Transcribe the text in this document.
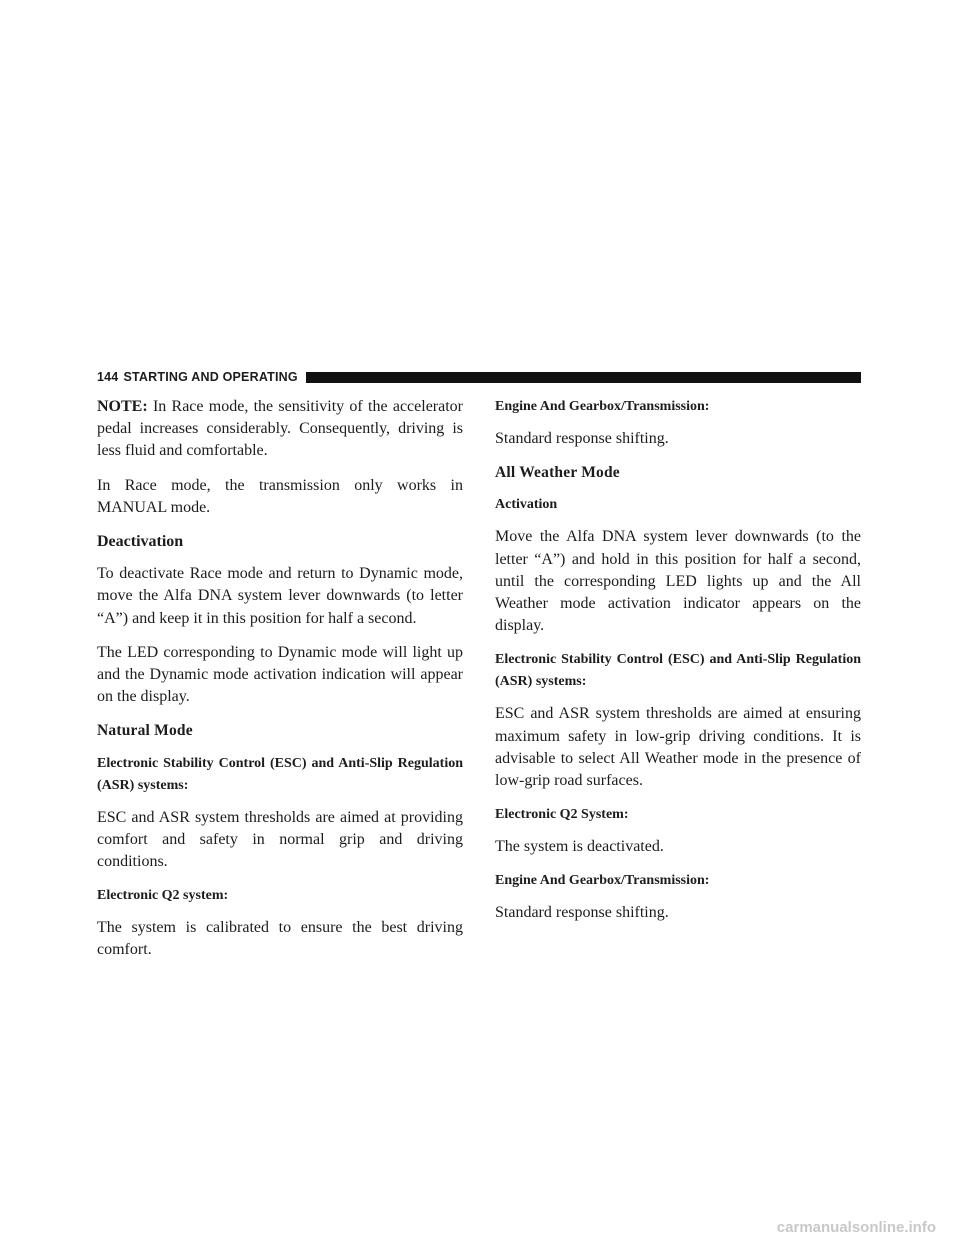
144 STARTING AND OPERATING

NOTE: In Race mode, the sensitivity of the accelerator pedal increases considerably. Consequently, driving is less fluid and comfortable.

In Race mode, the transmission only works in MANUAL mode.

Deactivation

To deactivate Race mode and return to Dynamic mode, move the Alfa DNA system lever downwards (to letter “A”) and keep it in this position for half a second.

The LED corresponding to Dynamic mode will light up and the Dynamic mode activation indication will appear on the display.

Natural Mode

Electronic Stability Control (ESC) and Anti-Slip Regulation (ASR) systems:

ESC and ASR system thresholds are aimed at providing comfort and safety in normal grip and driving conditions.

Electronic Q2 system:

The system is calibrated to ensure the best driving comfort.

Engine And Gearbox/Transmission:

Standard response shifting.

All Weather Mode

Activation

Move the Alfa DNA system lever downwards (to the letter “A”) and hold in this position for half a second, until the corresponding LED lights up and the All Weather mode activation indicator appears on the display.

Electronic Stability Control (ESC) and Anti-Slip Regulation (ASR) systems:

ESC and ASR system thresholds are aimed at ensuring maximum safety in low-grip driving conditions. It is advisable to select All Weather mode in the presence of low-grip road surfaces.

Electronic Q2 System:

The system is deactivated.

Engine And Gearbox/Transmission:

Standard response shifting.

carmanualsonline.info
